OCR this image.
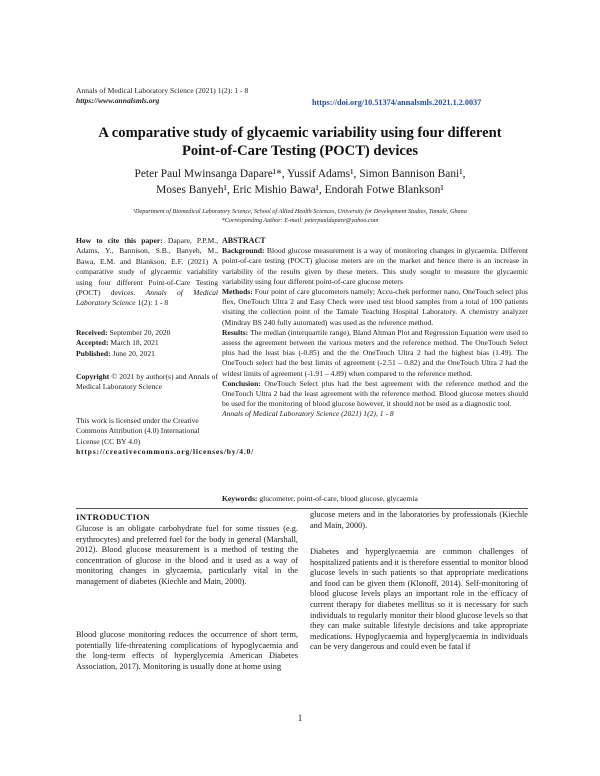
Annals of Medical Laboratory Science (2021) 1(2): 1 - 8
https://www.annalsmls.org	https://doi.org/10.51374/annalsmls.2021.1.2.0037
A comparative study of glycaemic variability using four different
Point-of-Care Testing (POCT) devices
Peter Paul Mwinsanga Dapare¹*, Yussif Adams¹, Simon Bannison Bani¹,
Moses Banyeh¹, Eric Mishio Bawa¹, Endorah Fotwe Blankson¹
¹Department of Biomedical Laboratory Science, School of Allied Health Sciences, University for Development Studies, Tamale, Ghana
*Corresponding Author: E-mail: peterpauldapare@yahoo.com
How to cite this paper: Dapare, P.P.M., Adams, Y., Bannison, S.B., Banyeh, M., Bawa, E.M. and Blankson, E.F. (2021) A comparative study of glycaemic variability using four different Point-of-Care Testing (POCT) devices. Annals of Medical Laboratory Science 1(2): 1 - 8
Received: September 20, 2020
Accepted: March 18, 2021
Published: June 20, 2021
Copyright © 2021 by author(s) and Annals of Medical Laboratory Science
This work is licensed under the Creative Commons Attribution (4.0) International License (CC BY 4.0)
https://creativecommons.org/licenses/by/4.0/
ABSTRACT

Background: Blood glucose measurement is a way of monitoring changes in glycaemia. Different point-of-care testing (POCT) glucose meters are on the market and hence there is an increase in variability of the results given by these meters. This study sought to measure the glycaemic variability using four different point-of-care glucose meters

Methods: Four point of care glucometers namely; Accu-chek performer nano, OneTouch select plus flex, OneTouch Ultra 2 and Easy Check were used test blood samples from a total of 100 patients visiting the collection point of the Tamale Teaching Hospital Laboratory. A chemistry analyzer (Mindray BS 240 fully automated) was used as the reference method.

Results: The median (interquartile range), Bland Altman Plot and Regression Equation were used to assess the agreement between the various meters and the reference method. The OneTouch Select plus had the least bias (-0.85) and the the OneTouch Ultra 2 had the highest bias (1.49). The OneTouch select had the best limits of agreement (-2.51 – 0.82) and the OneTouch Ultra 2 had the widest limits of agreement (-1.91 – 4.89) when compared to the reference method.

Conclusion: OneTouch Select plus had the best agreement with the reference method and the OneTouch Ultra 2 had the least agreement with the reference method. Blood glucose meters should be used for the monitoring of blood glucose however, it should not be used as a diagnostic tool.

Annals of Medical Laboratory Science (2021) 1(2), 1 - 8
Keywords: glucometer, point-of-care, blood glucose, glycaemia
INTRODUCTION
Glucose is an obligate carbohydrate fuel for some tissues (e.g. erythrocytes) and preferred fuel for the body in general (Marshall, 2012). Blood glucose measurement is a method of testing the concentration of glucose in the blood and it used as a way of monitoring changes in glycaemia, particularly vital in the management of diabetes (Kiechle and Main, 2000).
Blood glucose monitoring reduces the occurrence of short term, potentially life-threatening complications of hypoglycaemia and the long-term effects of hyperglycemia American Diabetes Association, 2017). Monitoring is usually done at home using
glucose meters and in the laboratories by professionals (Kiechle and Main, 2000).
Diabetes and hyperglycaemia are common challenges of hospitalized patients and it is therefore essential to monitor blood glucose levels in such patients so that appropriate medications and food can be given them (Klonoff, 2014). Self-monitoring of blood glucose levels plays an important role in the efficacy of current therapy for diabetes mellitus so it is necessary for such individuals to regularly monitor their blood glucose levels so that they can make suitable lifestyle decisions and take appropriate medications. Hypoglycaemia and hyperglycaemia in individuals can be very dangerous and could even be fatal if
1
